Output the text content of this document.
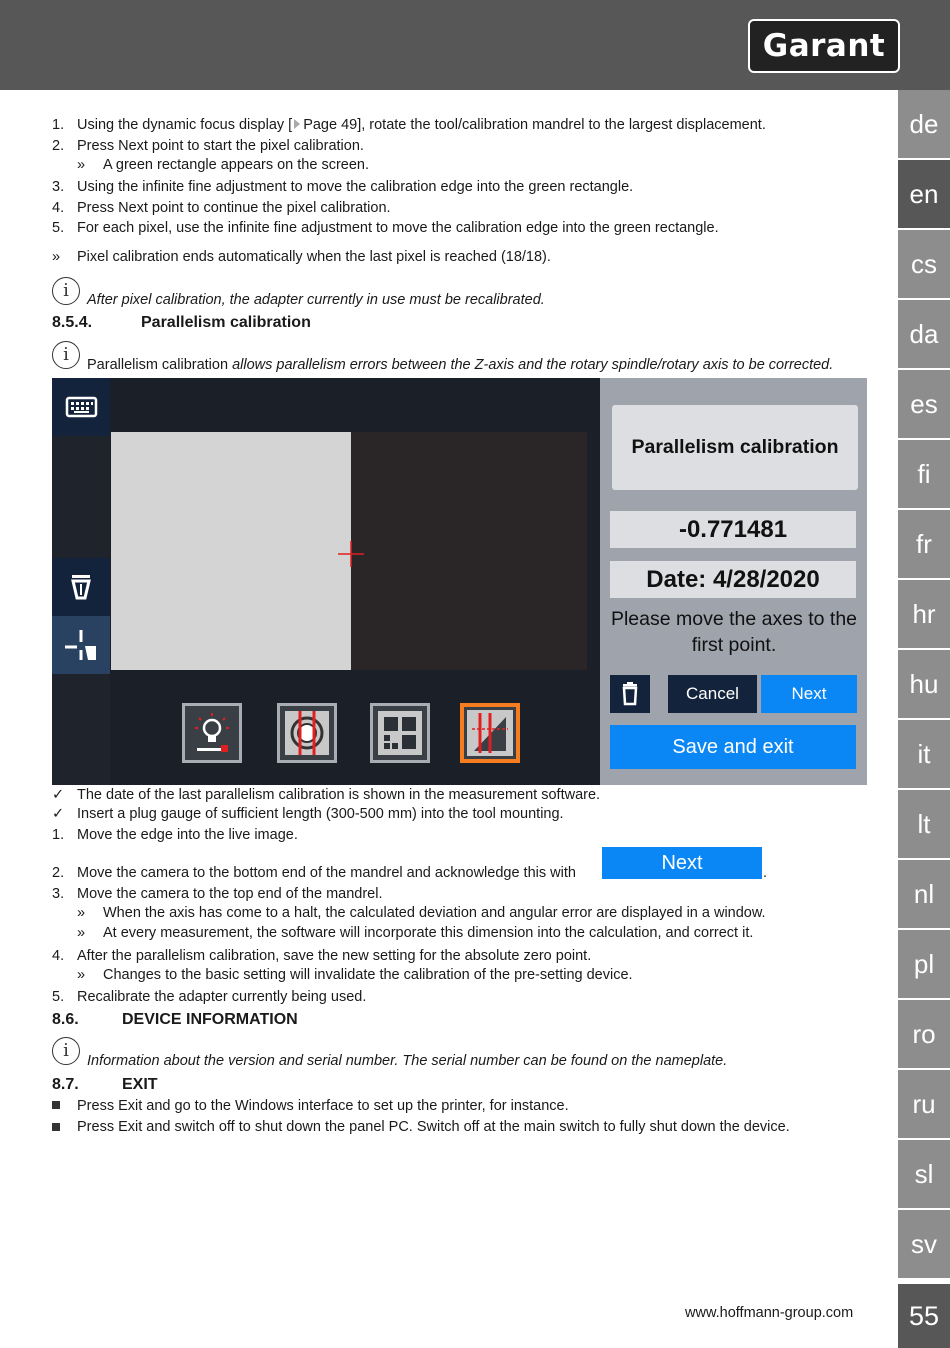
Garant
de
en
cs
da
es
fi
fr
hr
hu
it
lt
nl
pl
ro
ru
sl
sv
55
1. Using the dynamic focus display [ Page 49], rotate the tool/calibration mandrel to the largest displacement.
2. Press Next point to start the pixel calibration.
» A green rectangle appears on the screen.
3. Using the infinite fine adjustment to move the calibration edge into the green rectangle.
4. Press Next point to continue the pixel calibration.
5. For each pixel, use the infinite fine adjustment to move the calibration edge into the green rectangle.
» Pixel calibration ends automatically when the last pixel is reached (18/18).
i	After pixel calibration, the adapter currently in use must be recalibrated.
8.5.4.	Parallelism calibration
i	Parallelism calibration allows parallelism errors between the Z-axis and the rotary spindle/rotary axis to be corrected.
Parallelism calibration
-0.771481
Date: 4/28/2020
Please move the axes to the first point.
Cancel	Next
Save and exit
✓ The date of the last parallelism calibration is shown in the measurement software.
✓ Insert a plug gauge of sufficient length (300-500 mm) into the tool mounting.
1. Move the edge into the live image.
2. Move the camera to the bottom end of the mandrel and acknowledge this with	Next	.
3. Move the camera to the top end of the mandrel.
» When the axis has come to a halt, the calculated deviation and angular error are displayed in a window.
» At every measurement, the software will incorporate this dimension into the calculation, and correct it.
4. After the parallelism calibration, save the new setting for the absolute zero point.
» Changes to the basic setting will invalidate the calibration of the pre-setting device.
5. Recalibrate the adapter currently being used.
8.6.	DEVICE INFORMATION
i	Information about the version and serial number. The serial number can be found on the nameplate.
8.7.	EXIT
Press Exit and go to the Windows interface to set up the printer, for instance.
Press Exit and switch off to shut down the panel PC. Switch off at the main switch to fully shut down the device.
www.hoffmann-group.com
